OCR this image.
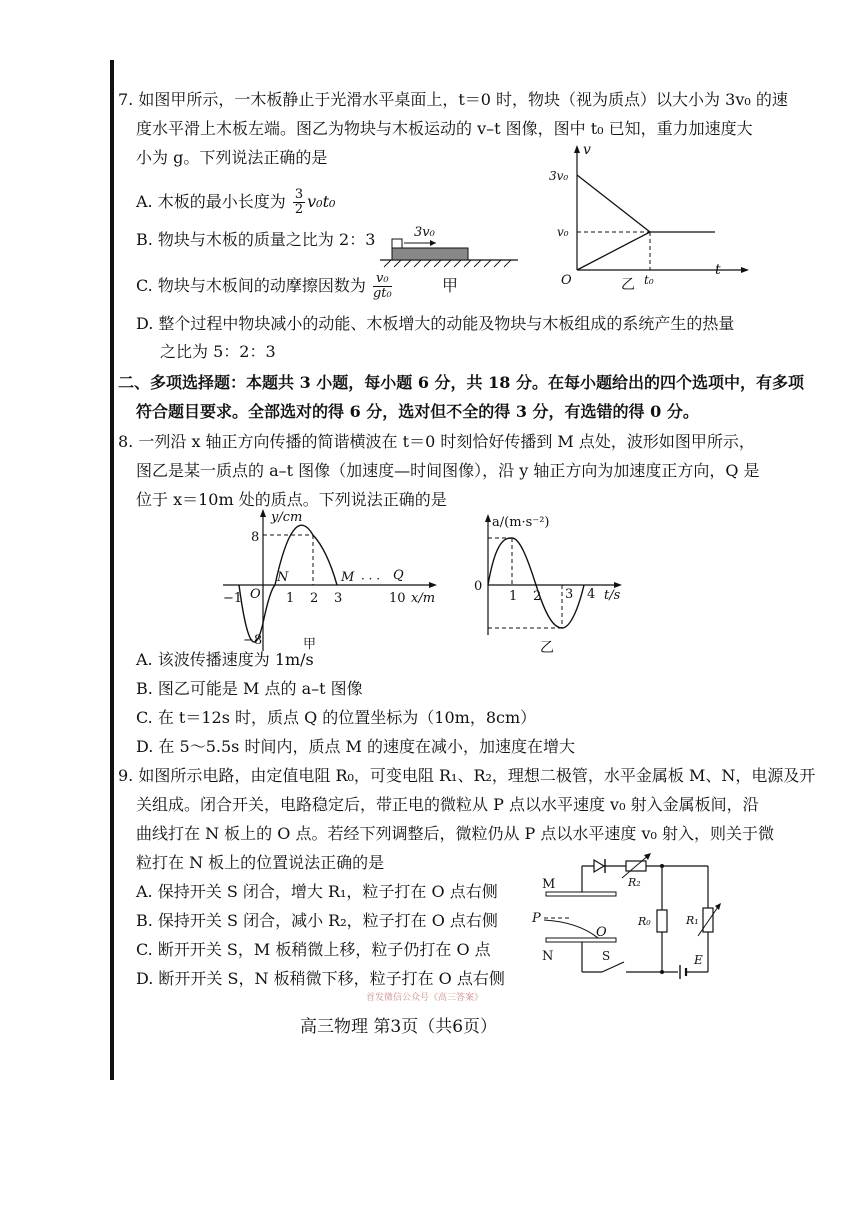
7. 如图甲所示，一木板静止于光滑水平桌面上，t＝0 时，物块（视为质点）以大小为 3v₀ 的速
度水平滑上木板左端。图乙为物块与木板运动的 v–t 图像，图中 t₀ 已知，重力加速度大
小为 g。下列说法正确的是
A. 木板的最小长度为 $\frac{3}{2} v_0t_0$
B. 物块与木板的质量之比为 2：3
C. 物块与木板间的动摩擦因数为 $\frac{\text{v₀}}{\text{gt₀}}$
D. 整个过程中物块减小的动能、木板增大的动能及物块与木板组成的系统产生的热量
之比为 5：2：3
3v₀
甲
v
t
O
3v₀
v₀
t₀
乙
二、多项选择题：本题共 3 小题，每小题 6 分，共 18 分。在每小题给出的四个选项中，有多项
符合题目要求。全部选对的得 6 分，选对但不全的得 3 分，有选错的得 0 分。
8. 一列沿 x 轴正方向传播的简谐横波在 t＝0 时刻恰好传播到 M 点处，波形如图甲所示，
图乙是某一质点的 a–t 图像（加速度—时间图像），沿 y 轴正方向为加速度正方向，Q 是
位于 x＝10m 处的质点。下列说法正确的是
y/cm
8
−8
O
−1	1 2 3	10 x/m
N	M · · · Q
甲
a/(m·s⁻²)
0
1 2 3 4 t/s
乙
A. 该波传播速度为 1m/s
B. 图乙可能是 M 点的 a–t 图像
C. 在 t＝12s 时，质点 Q 的位置坐标为（10m，8cm）
D. 在 5～5.5s 时间内，质点 M 的速度在减小，加速度在增大
9. 如图所示电路，由定值电阻 R₀，可变电阻 R₁、R₂，理想二极管，水平金属板 M、N，电源及开
关组成。闭合开关，电路稳定后，带正电的微粒从 P 点以水平速度 v₀ 射入金属板间，沿
曲线打在 N 板上的 O 点。若经下列调整后，微粒仍从 P 点以水平速度 v₀ 射入，则关于微
粒打在 N 板上的位置说法正确的是
A. 保持开关 S 闭合，增大 R₁，粒子打在 O 点右侧
B. 保持开关 S 闭合，减小 R₂，粒子打在 O 点右侧
C. 断开开关 S，M 板稍微上移，粒子仍打在 O 点
D. 断开开关 S，N 板稍微下移，粒子打在 O 点右侧
R₂
R₀	R₁
M
N
P
O
S	E
首发微信公众号《高三答案》
高三物理 第3页（共6页）
